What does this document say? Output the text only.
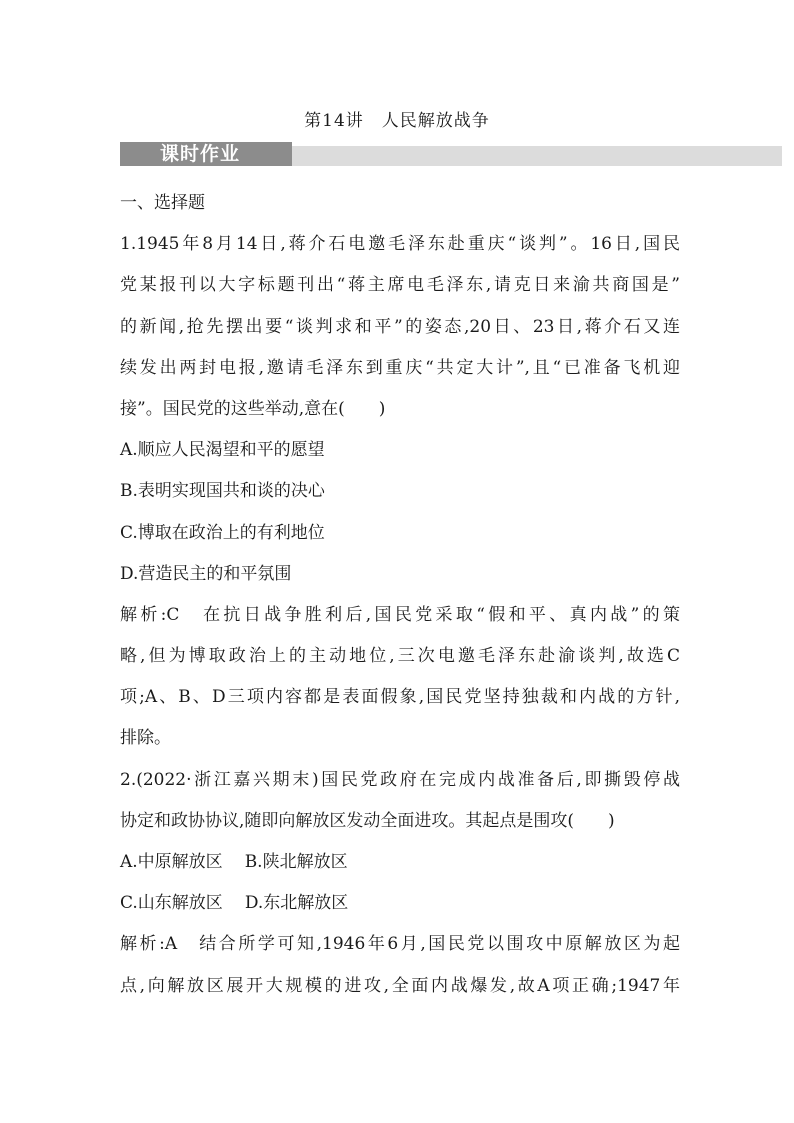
第14讲　人民解放战争
课时作业
一、选择题
1.1945年8月14日,蒋介石电邀毛泽东赴重庆“谈判”。16日,国民
党某报刊以大字标题刊出“蒋主席电毛泽东,请克日来渝共商国是”
的新闻,抢先摆出要“谈判求和平”的姿态,20日、23日,蒋介石又连
续发出两封电报,邀请毛泽东到重庆“共定大计”,且“已准备飞机迎
接”。国民党的这些举动,意在(　　)
A.顺应人民渴望和平的愿望
B.表明实现国共和谈的决心
C.博取在政治上的有利地位
D.营造民主的和平氛围
解析:C　在抗日战争胜利后,国民党采取“假和平、真内战”的策
略,但为博取政治上的主动地位,三次电邀毛泽东赴渝谈判,故选C
项;A、B、D三项内容都是表面假象,国民党坚持独裁和内战的方针,
排除。
2.(2022·浙江嘉兴期末)国民党政府在完成内战准备后,即撕毁停战
协定和政协协议,随即向解放区发动全面进攻。其起点是围攻(　　)
A.中原解放区 B.陕北解放区
C.山东解放区 D.东北解放区
解析:A　结合所学可知,1946年6月,国民党以围攻中原解放区为起
点,向解放区展开大规模的进攻,全面内战爆发,故A项正确;1947年
